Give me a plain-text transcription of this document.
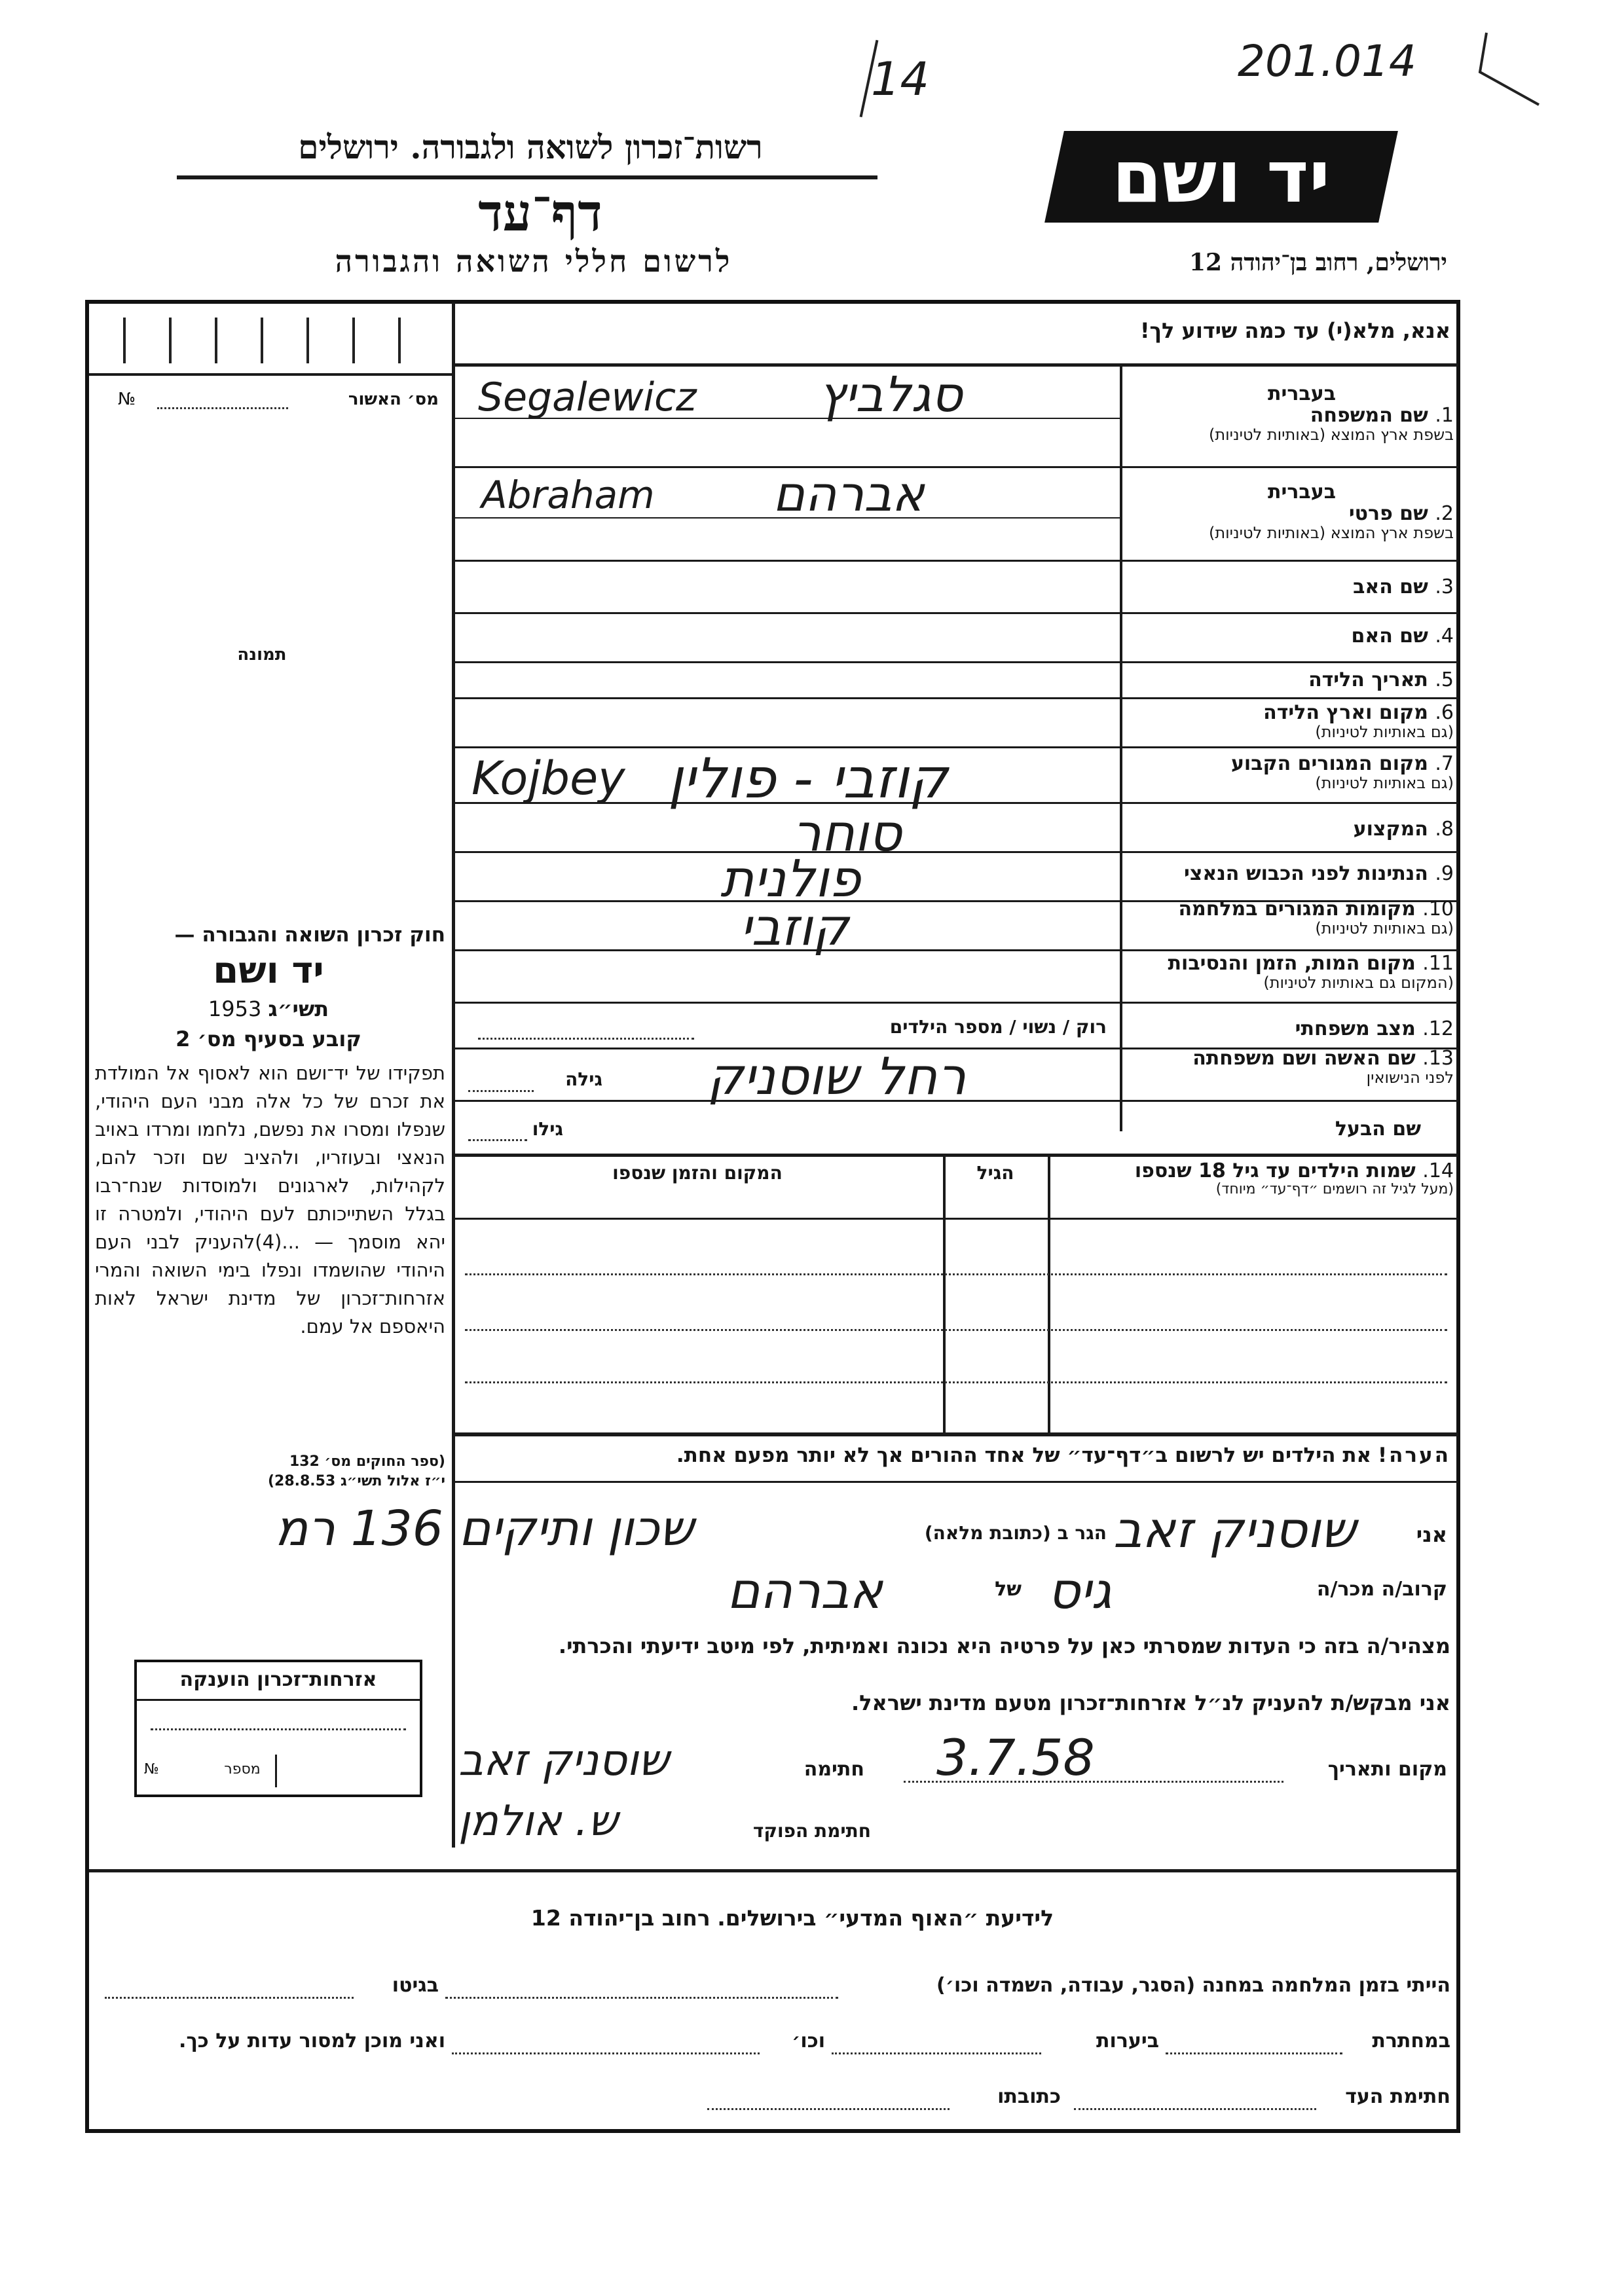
14	201.014
רשות־זכרון לשואה ולגבורה. ירושלים
דף־עד
לרשום חללי השואה והגבורה
יד ושם
ירושלים, רחוב בן־יהודה 12
מס׳ האשור
№
תמונה
חוק זכרון השואה והגבורה —
יד ושם
תשי״ג 1953
קובע בסעיף מס׳ 2
תפקידו של יד־ושם הוא לאסוף אל המולדת את זכרם של כל אלה מבני העם היהודי, שנפלו ומסרו את נפשם, נלחמו ומרדו באויב הנאצי ובעוזריו, ולהציב שם וזכר להם, לקהילות, לארגונים ולמוסדות שנח־רבו בגלל השתייכותם לעם היהודי, ולמטרה זו יהא מוסמך — ...(4)להעניק לבני העם היהודי שהושמדו ונפלו בימי השואה והמרי אזרחות־זכרון של מדינת ישראל לאות היאספם אל עמם.
(ספר החוקים מס׳ 132
י״ז אלול תשי״ג 28.8.53)
אזרחות־זכרון הוענקה
מספר
№
אנא, מלא(י) עד כמה שידוע לך!
בעברית
1. שם המשפחה
בשפת ארץ המוצא (באותיות לטיניות)
בעברית
2. שם פרטי
בשפת ארץ המוצא (באותיות לטיניות)
3. שם האב
4. שם האם
5. תאריך הלידה
6. מקום וארץ הלידה
(גם באותיות לטיניות)
7. מקום המגורים הקבוע
(גם באותיות לטיניות)
8. המקצוע
9. הנתינות לפני הכבוש הנאצי
10. מקומות המגורים במלחמה
(גם באותיות לטיניות)
11. מקום המות, הזמן והנסיבות
(המקום גם באותיות לטיניות)
12. מצב משפחתי
13. שם האשה ושם משפחתה
לפני הנישואין
שם הבעל
Segalewicz	סגלביץ
Abraham אברהם
Kojbey קוזבי - פולין
סוחר
פולנית
קוזבי
רוק / נשוי / מספר הילדים
רחל שוסניק
גילה
גילו
14. שמות הילדים עד גיל 18 שנספו
(מעל לגיל זה רושמים ״דף־עד״ מיוחד)
הגיל
המקום והזמן שנספו
הערה! את הילדים יש לרשום ב״דף־עד״ של אחד ההורים אך לא יותר מפעם אחת.
אני
שוסניק זאב
הגר ב (כתובת מלאה)
שכון ותיקים 136 רמ
קרוב/ה מכר/ה
גיס
של
אברהם
מצהיר/ה בזה כי העדות שמסרתי כאן על פרטיה היא נכונה ואמיתית, לפי מיטב ידיעתי והכרתי.
אני מבקש/ת להעניק לנ״ל אזרחות־זכרון מטעם מדינת ישראל.
מקום ותאריך
3.7.58
חתימה
שוסניק זאב
חתימת הפוקד
ש. אולמן
לידיעת ״האוף המדעי״ בירושלים. רחוב בן־יהודה 12
הייתי בזמן המלחמה במחנה (הסגר, עבודה, השמדה וכו׳)
בגיטו
במחתרת
ביערות
וכו׳
ואני מוכן למסור עדות על כך.
חתימת העד
כתובתו
